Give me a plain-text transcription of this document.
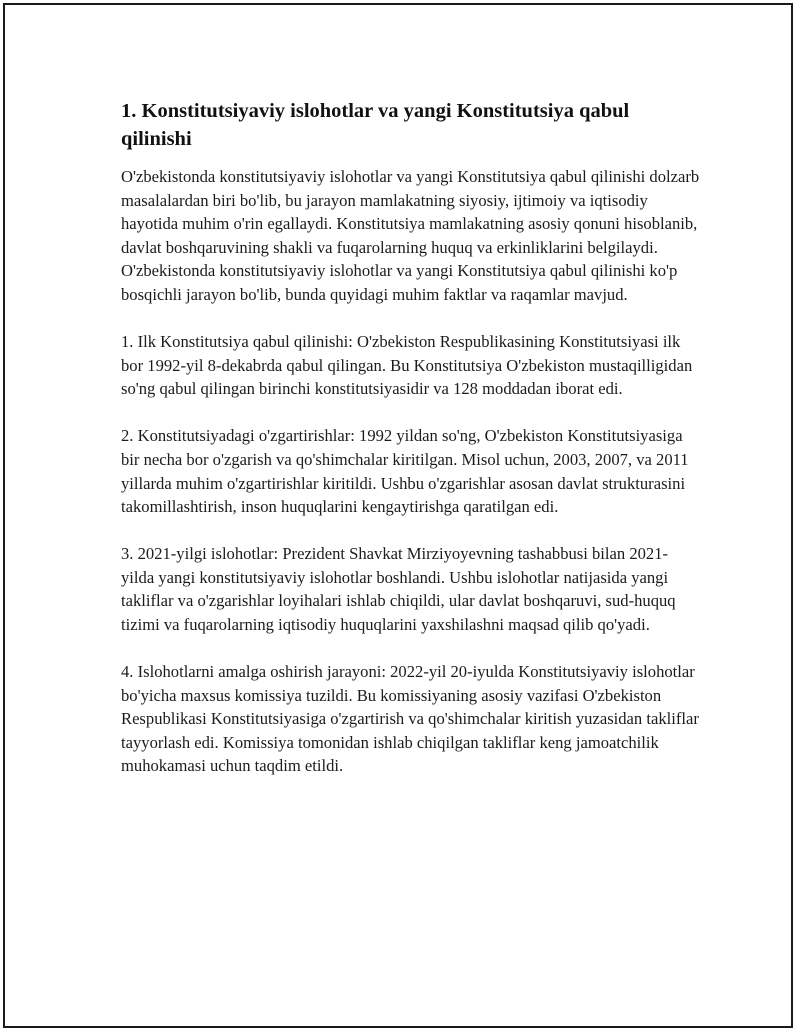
1. Konstitutsiyaviy islohotlar va yangi Konstitutsiya qabul qilinishi

O'zbekistonda konstitutsiyaviy islohotlar va yangi Konstitutsiya qabul qilinishi dolzarb masalalardan biri bo'lib, bu jarayon mamlakatning siyosiy, ijtimoiy va iqtisodiy hayotida muhim o'rin egallaydi. Konstitutsiya mamlakatning asosiy qonuni hisoblanib, davlat boshqaruvining shakli va fuqarolarning huquq va erkinliklarini belgilaydi. O'zbekistonda konstitutsiyaviy islohotlar va yangi Konstitutsiya qabul qilinishi ko'p bosqichli jarayon bo'lib, bunda quyidagi muhim faktlar va raqamlar mavjud.

1. Ilk Konstitutsiya qabul qilinishi: O'zbekiston Respublikasining Konstitutsiyasi ilk bor 1992-yil 8-dekabrda qabul qilingan. Bu Konstitutsiya O'zbekiston mustaqilligidan so'ng qabul qilingan birinchi konstitutsiyasidir va 128 moddadan iborat edi.

2. Konstitutsiyadagi o'zgartirishlar: 1992 yildan so'ng, O'zbekiston Konstitutsiyasiga bir necha bor o'zgarish va qo'shimchalar kiritilgan. Misol uchun, 2003, 2007, va 2011 yillarda muhim o'zgartirishlar kiritildi. Ushbu o'zgarishlar asosan davlat strukturasini takomillashtirish, inson huquqlarini kengaytirishga qaratilgan edi.

3. 2021-yilgi islohotlar: Prezident Shavkat Mirziyoyevning tashabbusi bilan 2021-yilda yangi konstitutsiyaviy islohotlar boshlandi. Ushbu islohotlar natijasida yangi takliflar va o'zgarishlar loyihalari ishlab chiqildi, ular davlat boshqaruvi, sud-huquq tizimi va fuqarolarning iqtisodiy huquqlarini yaxshilashni maqsad qilib qo'yadi.

4. Islohotlarni amalga oshirish jarayoni: 2022-yil 20-iyulda Konstitutsiyaviy islohotlar bo'yicha maxsus komissiya tuzildi. Bu komissiyaning asosiy vazifasi O'zbekiston Respublikasi Konstitutsiyasiga o'zgartirish va qo'shimchalar kiritish yuzasidan takliflar tayyorlash edi. Komissiya tomonidan ishlab chiqilgan takliflar keng jamoatchilik muhokamasi uchun taqdim etildi.
